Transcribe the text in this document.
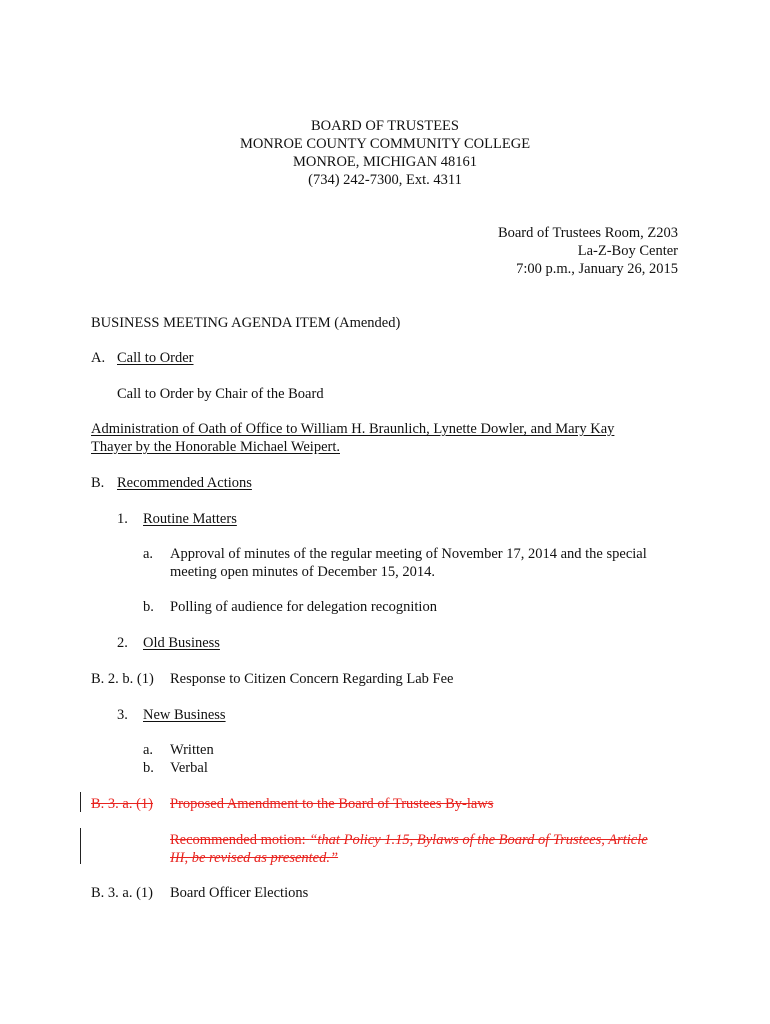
BOARD OF TRUSTEES
MONROE COUNTY COMMUNITY COLLEGE
MONROE, MICHIGAN 48161
(734) 242-7300, Ext. 4311
Board of Trustees Room, Z203
La-Z-Boy Center
7:00 p.m., January 26, 2015
BUSINESS MEETING AGENDA ITEM (Amended)
A. Call to Order
Call to Order by Chair of the Board
Administration of Oath of Office to William H. Braunlich, Lynette Dowler, and Mary Kay
Thayer by the Honorable Michael Weipert.
B. Recommended Actions
1. Routine Matters
a. Approval of minutes of the regular meeting of November 17, 2014 and the special
meeting open minutes of December 15, 2014.
b. Polling of audience for delegation recognition
2. Old Business
B. 2. b. (1) Response to Citizen Concern Regarding Lab Fee
3. New Business
a. Written
b. Verbal
B. 3. a. (1) Proposed Amendment to the Board of Trustees By-laws
Recommended motion: “that Policy 1.15, Bylaws of the Board of Trustees, Article
III, be revised as presented.”
B. 3. a. (1) Board Officer Elections
